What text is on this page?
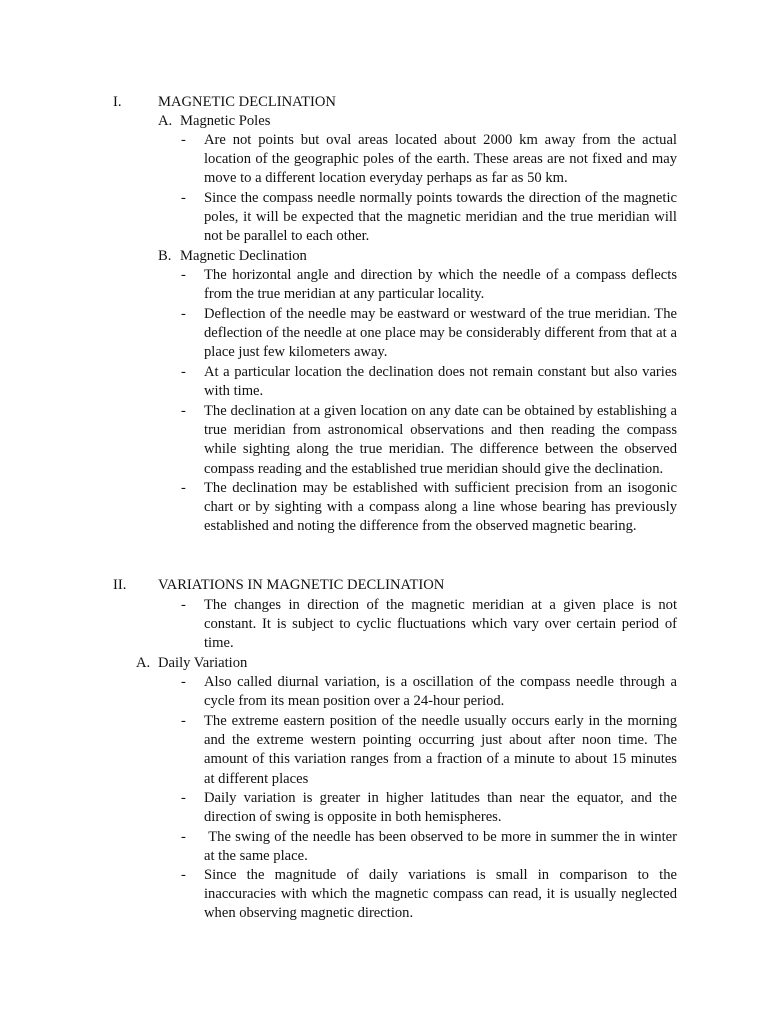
I. MAGNETIC DECLINATION
A. Magnetic Poles
- Are not points but oval areas located about 2000 km away from the actual location of the geographic poles of the earth. These areas are not fixed and may move to a different location everyday perhaps as far as 50 km.
- Since the compass needle normally points towards the direction of the magnetic poles, it will be expected that the magnetic meridian and the true meridian will not be parallel to each other.
B. Magnetic Declination
- The horizontal angle and direction by which the needle of a compass deflects from the true meridian at any particular locality.
- Deflection of the needle may be eastward or westward of the true meridian. The deflection of the needle at one place may be considerably different from that at a place just few kilometers away.
- At a particular location the declination does not remain constant but also varies with time.
- The declination at a given location on any date can be obtained by establishing a true meridian from astronomical observations and then reading the compass while sighting along the true meridian. The difference between the observed compass reading and the established true meridian should give the declination.
- The declination may be established with sufficient precision from an isogonic chart or by sighting with a compass along a line whose bearing has previously established and noting the difference from the observed magnetic bearing.
II. VARIATIONS IN MAGNETIC DECLINATION
- The changes in direction of the magnetic meridian at a given place is not constant. It is subject to cyclic fluctuations which vary over certain period of time.
A. Daily Variation
- Also called diurnal variation, is a oscillation of the compass needle through a cycle from its mean position over a 24-hour period.
- The extreme eastern position of the needle usually occurs early in the morning and the extreme western pointing occurring just about after noon time. The amount of this variation ranges from a fraction of a minute to about 15 minutes at different places
- Daily variation is greater in higher latitudes than near the equator, and the direction of swing is opposite in both hemispheres.
- The swing of the needle has been observed to be more in summer the in winter at the same place.
- Since the magnitude of daily variations is small in comparison to the inaccuracies with which the magnetic compass can read, it is usually neglected when observing magnetic direction.
